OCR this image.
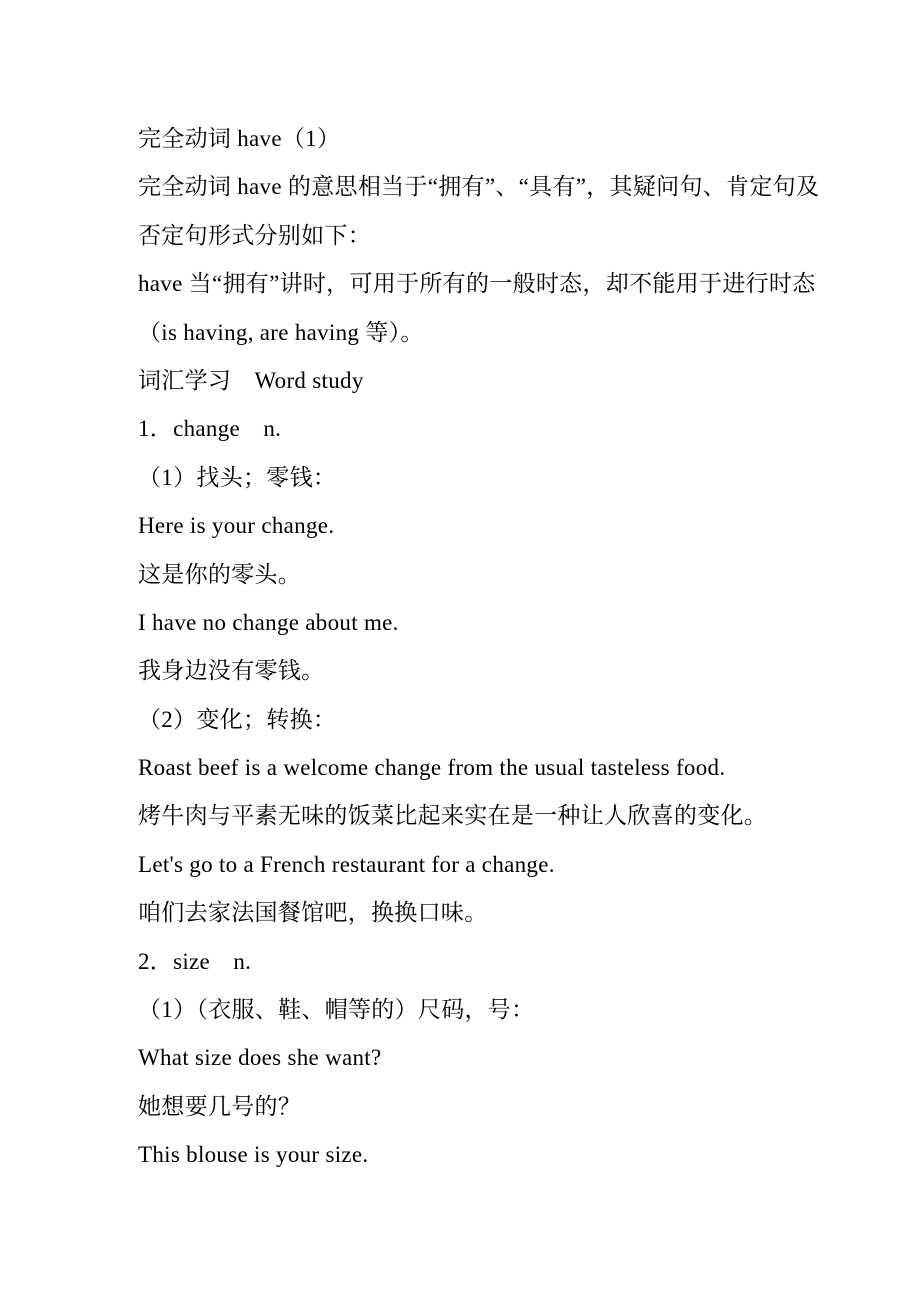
完全动词 have（1）

完全动词 have 的意思相当于“拥有”、“具有”，其疑问句、肯定句及

否定句形式分别如下：

have 当“拥有”讲时，可用于所有的一般时态，却不能用于进行时态

（is having, are having 等）。

词汇学习　Word study

1．change　n.

（1）找头；零钱：

Here is your change.

这是你的零头。

I have no change about me.

我身边没有零钱。

（2）变化；转换：

Roast beef is a welcome change from the usual tasteless food.

烤牛肉与平素无味的饭菜比起来实在是一种让人欣喜的变化。

Let's go to a French restaurant for a change.

咱们去家法国餐馆吧，换换口味。

2．size　n.

（1）（衣服、鞋、帽等的）尺码，号：

What size does she want?

她想要几号的？

This blouse is your size.
